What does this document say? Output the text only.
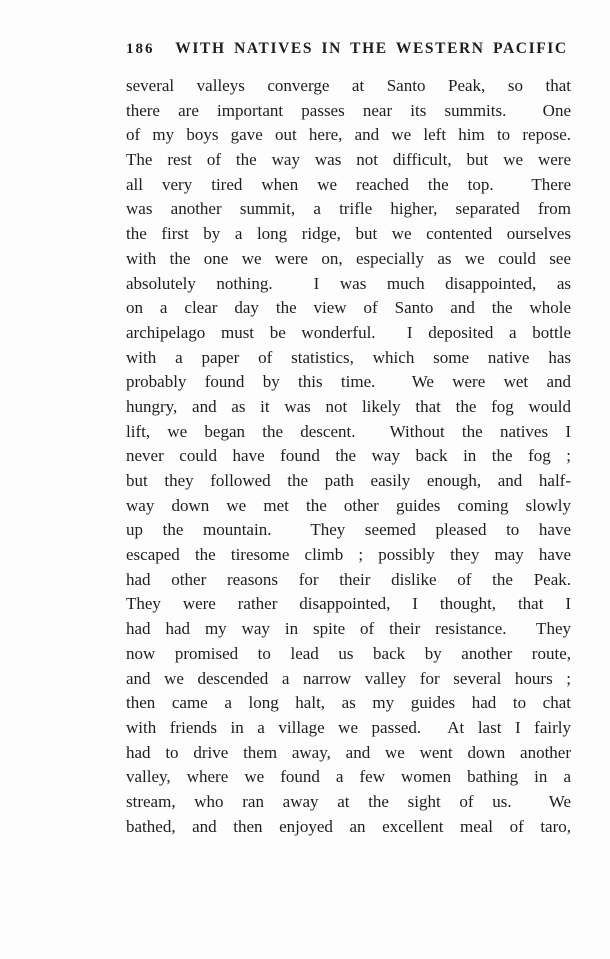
186	WITH NATIVES IN THE WESTERN PACIFIC
several valleys converge at Santo Peak, so that
there are important passes near its summits.  One
of my boys gave out here, and we left him to repose.
The rest of the way was not difficult, but we were
all very tired when we reached the top.  There
was another summit, a trifle higher, separated from
the first by a long ridge, but we contented ourselves
with the one we were on, especially as we could see
absolutely nothing.  I was much disappointed, as
on a clear day the view of Santo and the whole
archipelago must be wonderful.  I deposited a bottle
with a paper of statistics, which some native has
probably found by this time.  We were wet and
hungry, and as it was not likely that the fog would
lift, we began the descent.  Without the natives I
never could have found the way back in the fog ;
but they followed the path easily enough, and half-
way down we met the other guides coming slowly
up the mountain.  They seemed pleased to have
escaped the tiresome climb ; possibly they may have
had other reasons for their dislike of the Peak.
They were rather disappointed, I thought, that I
had had my way in spite of their resistance.  They
now promised to lead us back by another route,
and we descended a narrow valley for several hours ;
then came a long halt, as my guides had to chat
with friends in a village we passed.  At last I fairly
had to drive them away, and we went down another
valley, where we found a few women bathing in a
stream, who ran away at the sight of us.  We
bathed, and then enjoyed an excellent meal of taro,
